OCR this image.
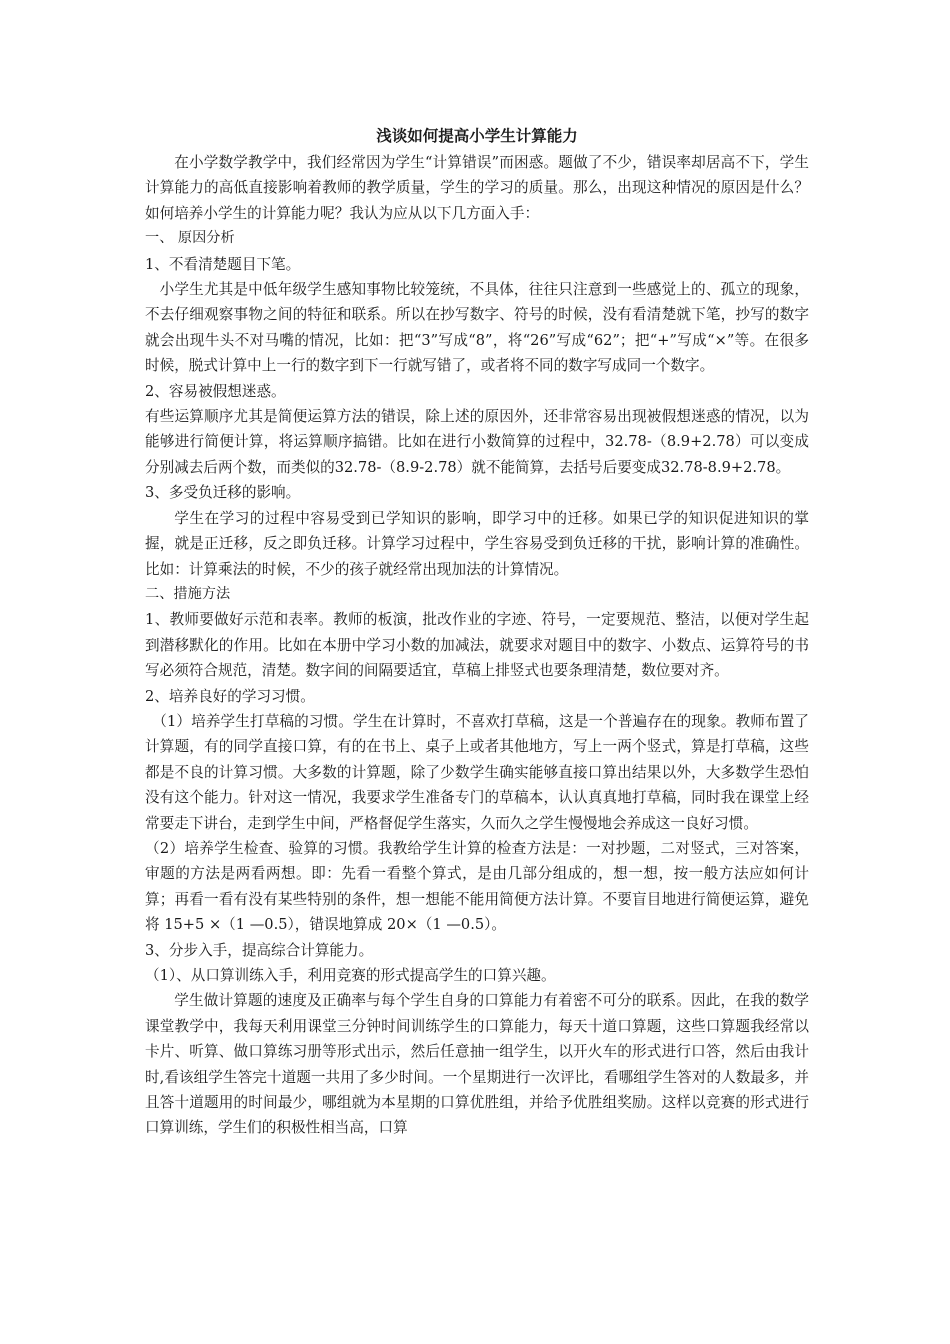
浅谈如何提高小学生计算能力

在小学数学教学中，我们经常因为学生“计算错误”而困惑。题做了不少，错误率却居高不下，学生计算能力的高低直接影响着教师的教学质量，学生的学习的质量。那么，出现这种情况的原因是什么？如何培养小学生的计算能力呢？我认为应从以下几方面入手：

一、 原因分析

1、不看清楚题目下笔。

小学生尤其是中低年级学生感知事物比较笼统，不具体，往往只注意到一些感觉上的、孤立的现象，不去仔细观察事物之间的特征和联系。所以在抄写数字、符号的时候，没有看清楚就下笔，抄写的数字就会出现牛头不对马嘴的情况，比如：把“3”写成“8”，将“26”写成“62”；把“+”写成“×”等。在很多时候，脱式计算中上一行的数字到下一行就写错了，或者将不同的数字写成同一个数字。

2、容易被假想迷惑。

有些运算顺序尤其是简便运算方法的错误，除上述的原因外，还非常容易出现被假想迷惑的情况，以为能够进行简便计算，将运算顺序搞错。比如在进行小数简算的过程中，32.78-（8.9+2.78）可以变成分别减去后两个数，而类似的32.78-（8.9-2.78）就不能简算，去括号后要变成32.78-8.9+2.78。

3、多受负迁移的影响。

学生在学习的过程中容易受到已学知识的影响，即学习中的迁移。如果已学的知识促进知识的掌握，就是正迁移，反之即负迁移。计算学习过程中，学生容易受到负迁移的干扰，影响计算的准确性。比如：计算乘法的时候，不少的孩子就经常出现加法的计算情况。

二、措施方法

1、教师要做好示范和表率。教师的板演，批改作业的字迹、符号，一定要规范、整洁，以便对学生起到潜移默化的作用。比如在本册中学习小数的加减法，就要求对题目中的数字、小数点、运算符号的书写必须符合规范，清楚。数字间的间隔要适宜，草稿上排竖式也要条理清楚，数位要对齐。

2、培养良好的学习习惯。

（1）培养学生打草稿的习惯。学生在计算时，不喜欢打草稿，这是一个普遍存在的现象。教师布置了计算题，有的同学直接口算，有的在书上、桌子上或者其他地方，写上一两个竖式，算是打草稿，这些都是不良的计算习惯。大多数的计算题，除了少数学生确实能够直接口算出结果以外，大多数学生恐怕没有这个能力。针对这一情况，我要求学生准备专门的草稿本，认认真真地打草稿，同时我在课堂上经常要走下讲台，走到学生中间，严格督促学生落实，久而久之学生慢慢地会养成这一良好习惯。

（2）培养学生检查、验算的习惯。我教给学生计算的检查方法是：一对抄题，二对竖式，三对答案，审题的方法是两看两想。即：先看一看整个算式，是由几部分组成的，想一想，按一般方法应如何计算；再看一看有没有某些特别的条件，想一想能不能用简便方法计算。不要盲目地进行简便运算，避免将 15+5 ×（1 —0.5），错误地算成 20×（1 —0.5）。

3、分步入手，提高综合计算能力。

（1）、从口算训练入手，利用竞赛的形式提高学生的口算兴趣。

学生做计算题的速度及正确率与每个学生自身的口算能力有着密不可分的联系。因此，在我的数学课堂教学中，我每天利用课堂三分钟时间训练学生的口算能力，每天十道口算题，这些口算题我经常以卡片、听算、做口算练习册等形式出示，然后任意抽一组学生，以开火车的形式进行口答，然后由我计时,看该组学生答完十道题一共用了多少时间。一个星期进行一次评比，看哪组学生答对的人数最多，并且答十道题用的时间最少，哪组就为本星期的口算优胜组，并给予优胜组奖励。这样以竞赛的形式进行口算训练，学生们的积极性相当高，口算
